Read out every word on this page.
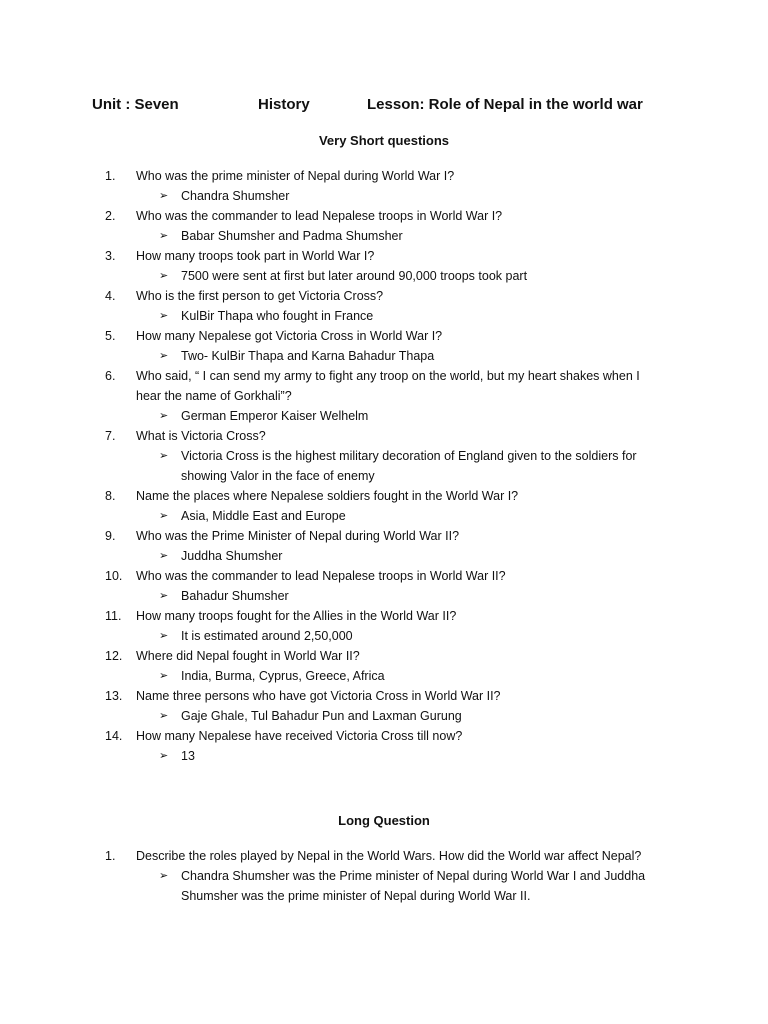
Unit : Seven	History	Lesson: Role of Nepal in the world war
Very Short questions
1.	Who was the prime minister of Nepal during World War I?
➢ Chandra Shumsher
2.	Who was the commander to lead Nepalese troops in World War I?
➢ Babar Shumsher and Padma Shumsher
3.	How many troops took part in World War I?
➢ 7500 were sent at first but later around 90,000 troops took part
4.	Who is the first person to get Victoria Cross?
➢ KulBir Thapa who fought in France
5.	How many Nepalese got Victoria Cross in World War I?
➢ Two- KulBir Thapa and Karna Bahadur Thapa
6.	Who said, “ I can send my army to fight any troop on the world, but my heart shakes when I hear the name of Gorkhali”?
➢ German Emperor Kaiser Welhelm
7.	What is Victoria Cross?
➢ Victoria Cross is the highest military decoration of England given to the soldiers for showing Valor in the face of enemy
8.	Name the places where Nepalese soldiers fought in the World War I?
➢ Asia, Middle East and Europe
9.	Who was the Prime Minister of Nepal during World War II?
➢ Juddha Shumsher
10.	Who was the commander to lead Nepalese troops in World War II?
➢ Bahadur Shumsher
11.	How many troops fought for the Allies in the World War II?
➢ It is estimated around 2,50,000
12.	Where did Nepal fought in World War II?
➢ India, Burma, Cyprus, Greece, Africa
13.	Name three persons who have got Victoria Cross in World War II?
➢ Gaje Ghale, Tul Bahadur Pun and Laxman Gurung
14.	How many Nepalese have received Victoria Cross till now?
➢ 13
Long Question
1.	Describe the roles played by Nepal in the World Wars. How did the World war affect Nepal?
➢ Chandra Shumsher was the Prime minister of Nepal during World War I and Juddha Shumsher was the prime minister of Nepal during World War II.
